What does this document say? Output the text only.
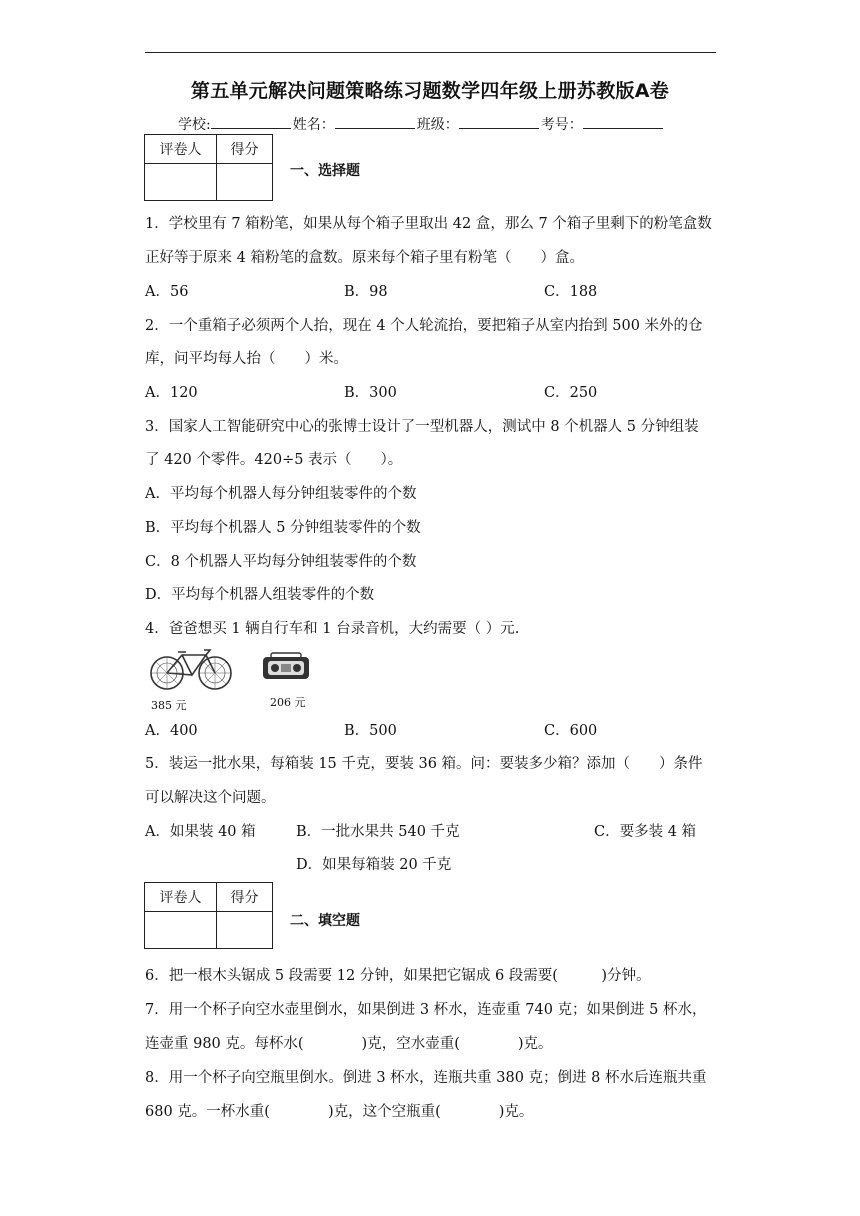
第五单元解决问题策略练习题数学四年级上册苏教版A卷
学校:	姓名：	班级：	考号：
评卷人	得分

一、选择题
1．学校里有 7 箱粉笔，如果从每个箱子里取出 42 盒，那么 7 个箱子里剩下的粉笔盒数
正好等于原来 4 箱粉笔的盒数。原来每个箱子里有粉笔（　　）盒。
A．56	B．98	C．188
2．一个重箱子必须两个人抬，现在 4 个人轮流抬，要把箱子从室内抬到 500 米外的仓
库，问平均每人抬（　　）米。
A．120	B．300	C．250
3．国家人工智能研究中心的张博士设计了一型机器人，测试中 8 个机器人 5 分钟组装
了 420 个零件。420÷5 表示（　　）。
A．平均每个机器人每分钟组装零件的个数
B．平均每个机器人 5 分钟组装零件的个数
C．8 个机器人平均每分钟组装零件的个数
D．平均每个机器人组装零件的个数
4．爸爸想买 1 辆自行车和 1 台录音机，大约需要（ ）元.
385 元	206 元
A．400	B．500	C．600
5．装运一批水果，每箱装 15 千克，要装 36 箱。问：要装多少箱？添加（　　）条件
可以解决这个问题。
A．如果装 40 箱	B．一批水果共 540 千克	C．要多装 4 箱
D．如果每箱装 20 千克
评卷人	得分

二、填空题
6．把一根木头锯成 5 段需要 12 分钟，如果把它锯成 6 段需要(　　　)分钟。
7．用一个杯子向空水壶里倒水，如果倒进 3 杯水，连壶重 740 克；如果倒进 5 杯水，
连壶重 980 克。每杯水(　　　　)克，空水壶重(　　　　)克。
8．用一个杯子向空瓶里倒水。倒进 3 杯水，连瓶共重 380 克；倒进 8 杯水后连瓶共重
680 克。一杯水重(　　　　)克，这个空瓶重(　　　　)克。
